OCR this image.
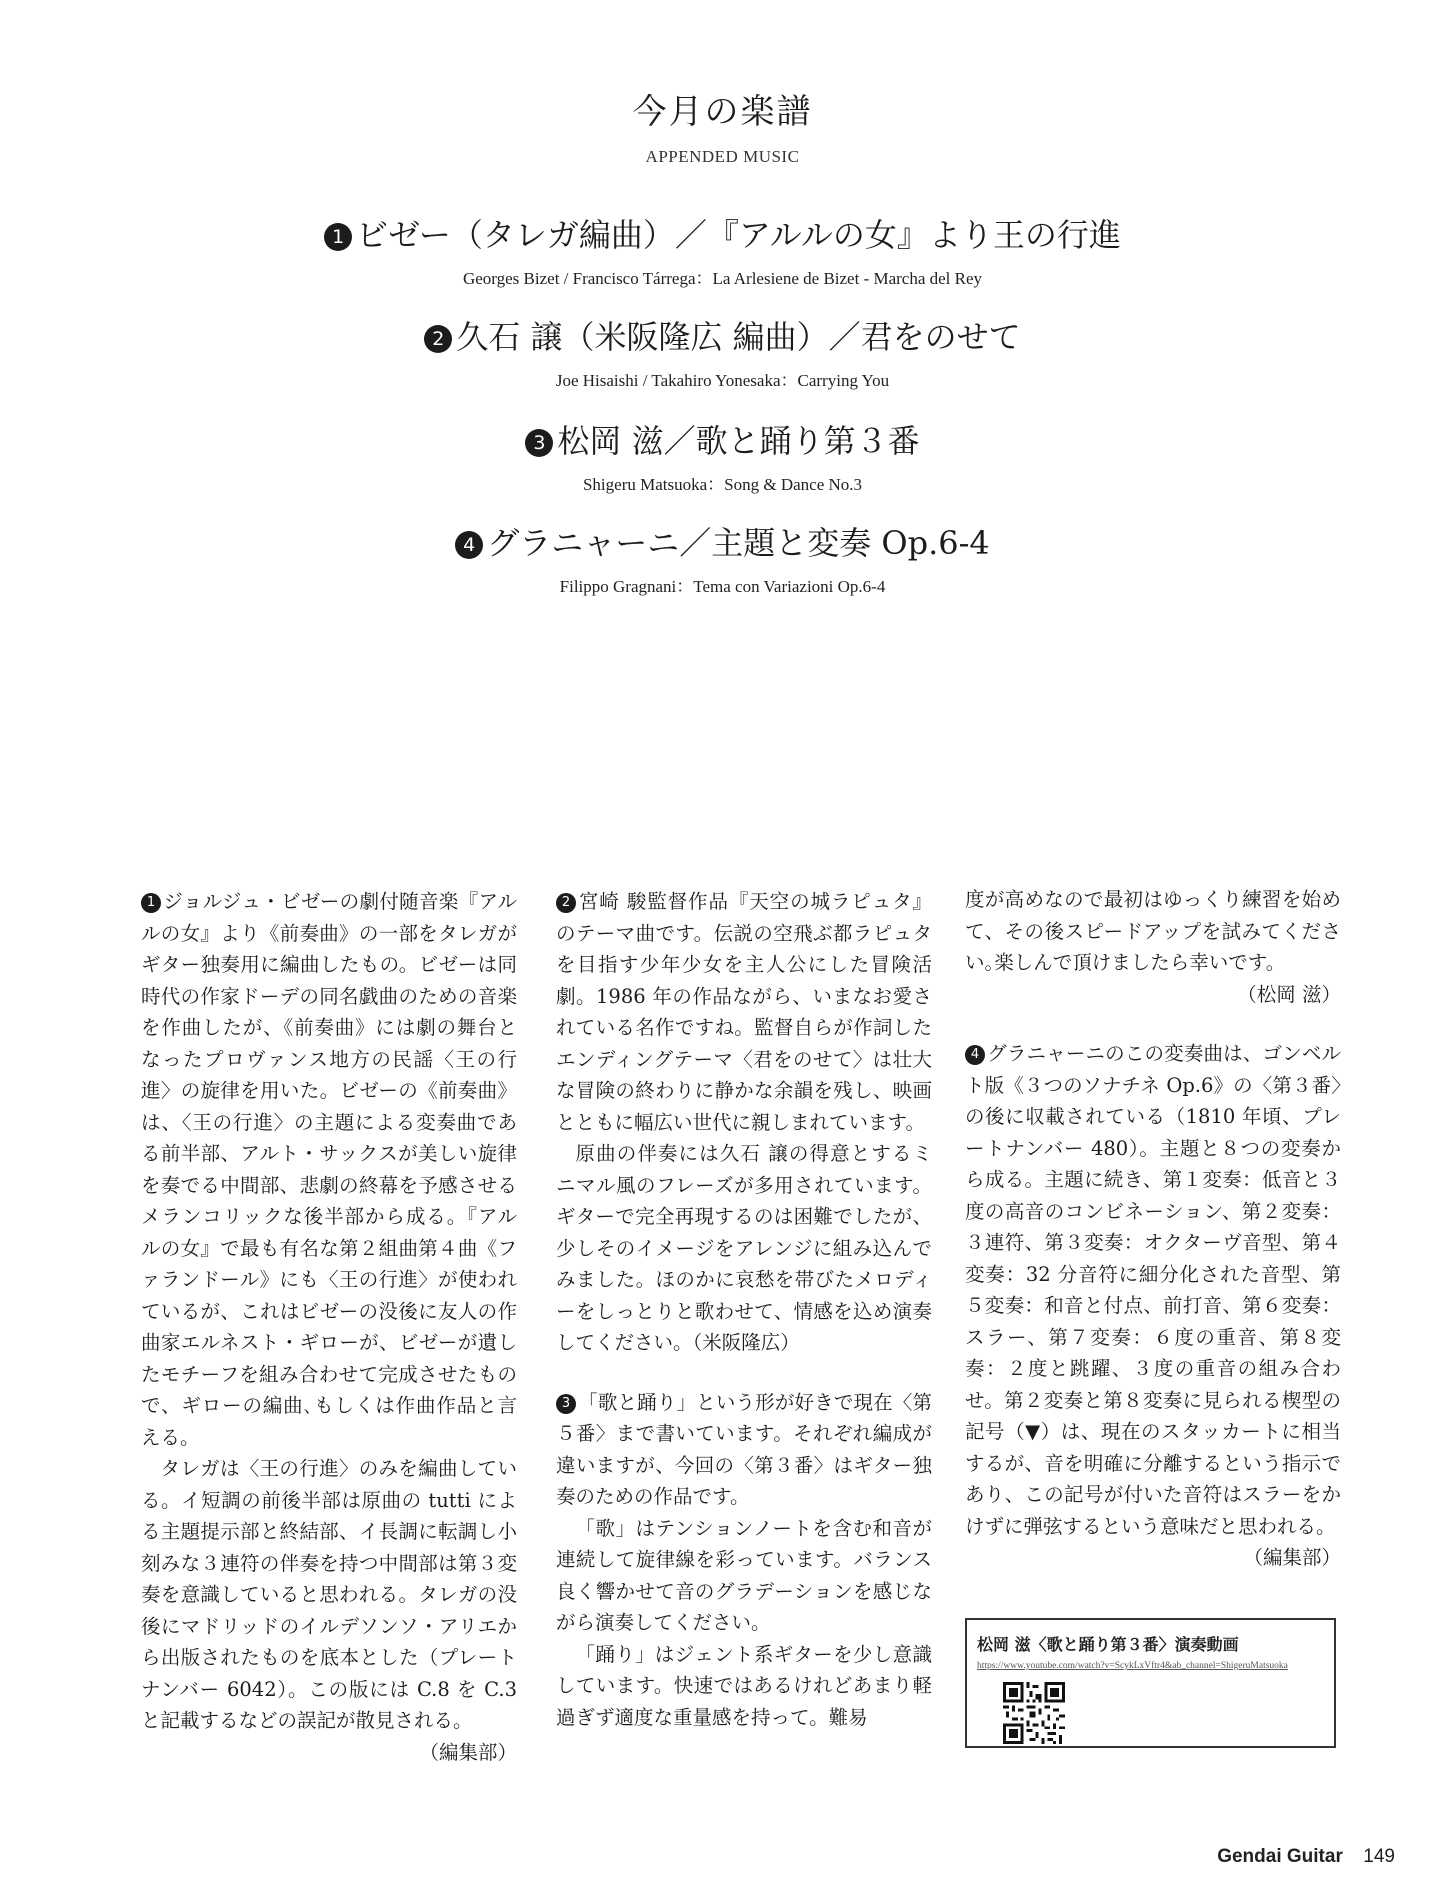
今月の楽譜
APPENDED MUSIC
1 ビゼー（タレガ編曲）／『アルルの女』より王の行進
Georges Bizet / Francisco Tárrega：La Arlesiene de Bizet - Marcha del Rey
2 久石 譲（米阪隆広 編曲）／君をのせて
Joe Hisaishi / Takahiro Yonesaka：Carrying You
3 松岡 滋／歌と踊り第３番
Shigeru Matsuoka：Song & Dance No.3
4 グラニャーニ／主題と変奏 Op.6-4
Filippo Gragnani：Tema con Variazioni Op.6-4

1 ジョルジュ・ビゼーの劇付随音楽『アルルの女』より《前奏曲》の一部をタレガがギター独奏用に編曲したもの。ビゼーは同時代の作家ドーデの同名戯曲のための音楽を作曲したが、《前奏曲》には劇の舞台となったプロヴァンス地方の民謡〈王の行進〉の旋律を用いた。ビゼーの《前奏曲》は、〈王の行進〉の主題による変奏曲である前半部、アルト・サックスが美しい旋律を奏でる中間部、悲劇の終幕を予感させるメランコリックな後半部から成る。『アルルの女』で最も有名な第２組曲第４曲《ファランドール》にも〈王の行進〉が使われているが、これはビゼーの没後に友人の作曲家エルネスト・ギローが、ビゼーが遺したモチーフを組み合わせて完成させたもので、ギローの編曲､もしくは作曲作品と言える。

タレガは〈王の行進〉のみを編曲している。イ短調の前後半部は原曲の tutti による主題提示部と終結部、イ長調に転調し小刻みな３連符の伴奏を持つ中間部は第３変奏を意識していると思われる。タレガの没後にマドリッドのイルデソンソ・アリエから出版されたものを底本とした（プレートナンバー 6042）。この版には C.8 を C.3 と記載するなどの誤記が散見される。

（編集部）

2 宮崎 駿監督作品『天空の城ラピュタ』のテーマ曲です。伝説の空飛ぶ都ラピュタを目指す少年少女を主人公にした冒険活劇。1986 年の作品ながら、いまなお愛されている名作ですね。監督自らが作詞したエンディングテーマ〈君をのせて〉は壮大な冒険の終わりに静かな余韻を残し、映画とともに幅広い世代に親しまれています。

原曲の伴奏には久石 譲の得意とするミニマル風のフレーズが多用されています。ギターで完全再現するのは困難でしたが、少しそのイメージをアレンジに組み込んでみました。ほのかに哀愁を帯びたメロディーをしっとりと歌わせて、情感を込め演奏してください。（米阪隆広）

3 「歌と踊り」という形が好きで現在〈第５番〉まで書いています。それぞれ編成が違いますが、今回の〈第３番〉はギター独奏のための作品です。

「歌」はテンションノートを含む和音が連続して旋律線を彩っています。バランス良く響かせて音のグラデーションを感じながら演奏してください。

「踊り」はジェント系ギターを少し意識しています。快速ではあるけれどあまり軽過ぎず適度な重量感を持って。難易

度が高めなので最初はゆっくり練習を始めて、その後スピードアップを試みてください｡楽しんで頂けましたら幸いです。

（松岡 滋）

4 グラニャーニのこの変奏曲は、ゴンベルト版《３つのソナチネ Op.6》の〈第３番〉の後に収載されている（1810 年頃、プレートナンバー 480）。主題と８つの変奏から成る。主題に続き、第１変奏：低音と３度の高音のコンビネーション、第２変奏：３連符、第３変奏：オクターヴ音型、第４変奏：32 分音符に細分化された音型、第５変奏：和音と付点、前打音、第６変奏：スラー、第７変奏：６度の重音、第８変奏：２度と跳躍、３度の重音の組み合わせ。第２変奏と第８変奏に見られる楔型の記号（▼）は、現在のスタッカートに相当するが、音を明確に分離するという指示であり、この記号が付いた音符はスラーをかけずに弾弦するという意味だと思われる。

（編集部）

松岡 滋〈歌と踊り第３番〉演奏動画
https://www.youtube.com/watch?v=ScykLxVftr4&ab_channel=ShigeruMatsuoka
Gendai Guitar 149
